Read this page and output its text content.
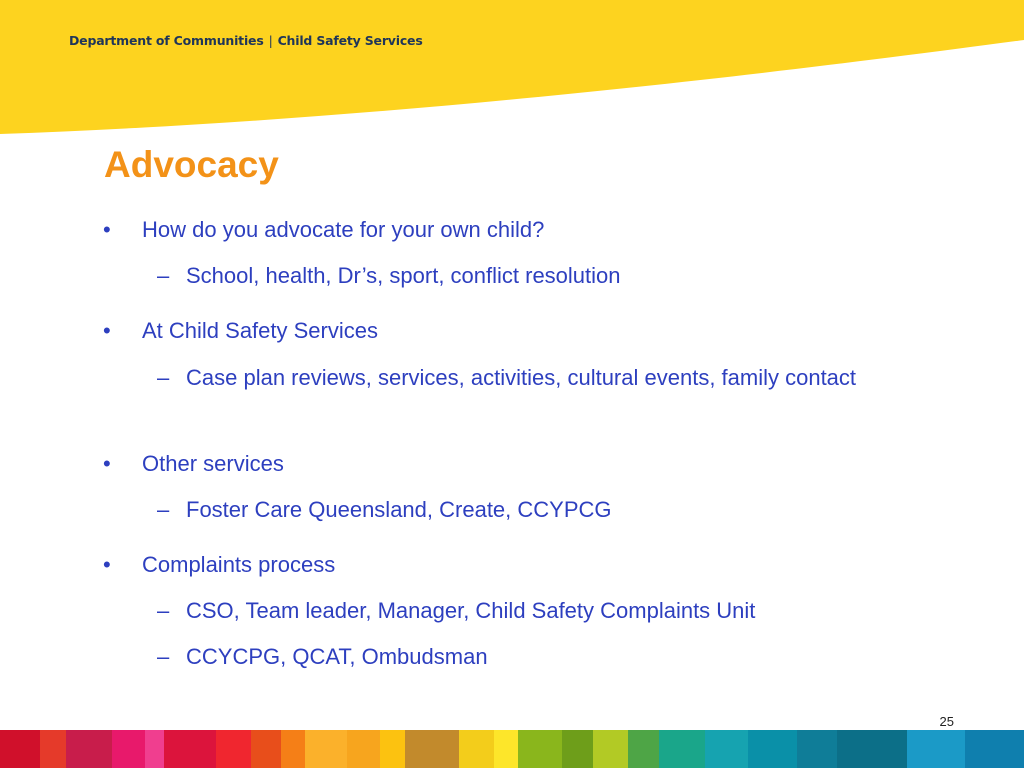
Department of Communities | Child Safety Services
Advocacy
• How do you advocate for your own child?
– School, health, Dr’s, sport, conflict resolution
• At Child Safety Services
– Case plan reviews, services, activities, cultural events, family contact
• Other services
– Foster Care Queensland, Create, CCYPCG
• Complaints process
– CSO, Team leader, Manager, Child Safety Complaints Unit
– CCYCPG, QCAT, Ombudsman
25
